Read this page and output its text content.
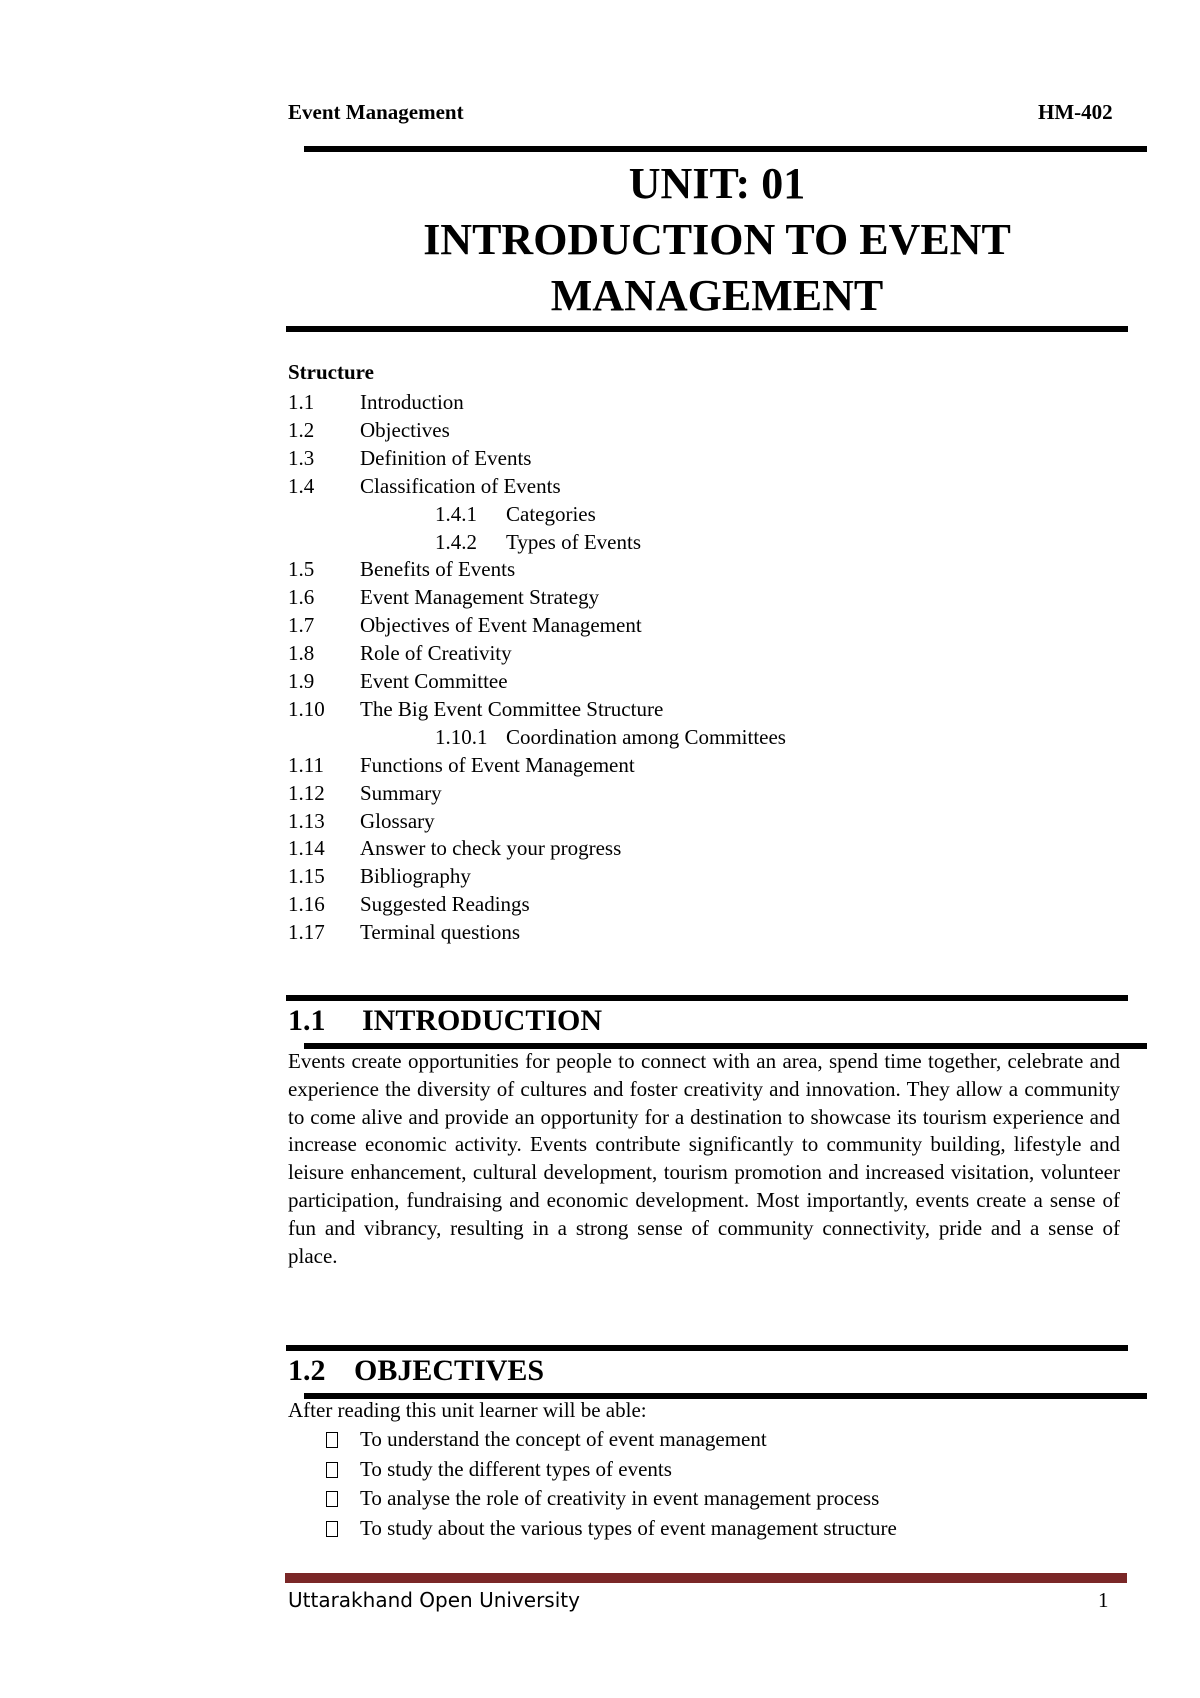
Event Management	HM-402
UNIT: 01
INTRODUCTION TO EVENT
MANAGEMENT
Structure
1.1 Introduction
1.2 Objectives
1.3 Definition of Events
1.4 Classification of Events
1.4.1 Categories
1.4.2 Types of Events
1.5 Benefits of Events
1.6 Event Management Strategy
1.7 Objectives of Event Management
1.8 Role of Creativity
1.9 Event Committee
1.10 The Big Event Committee Structure
1.10.1 Coordination among Committees
1.11 Functions of Event Management
1.12 Summary
1.13 Glossary
1.14 Answer to check your progress
1.15 Bibliography
1.16 Suggested Readings
1.17 Terminal questions
1.1 INTRODUCTION
Events create opportunities for people to connect with an area, spend time together, celebrate and experience the diversity of cultures and foster creativity and innovation. They allow a community to come alive and provide an opportunity for a destination to showcase its tourism experience and increase economic activity. Events contribute significantly to community building, lifestyle and leisure enhancement, cultural development, tourism promotion and increased visitation, volunteer participation, fundraising and economic development. Most importantly, events create a sense of fun and vibrancy, resulting in a strong sense of community connectivity, pride and a sense of place.
1.2 OBJECTIVES
After reading this unit learner will be able:
To understand the concept of event management
To study the different types of events
To analyse the role of creativity in event management process
To study about the various types of event management structure
Uttarakhand Open University	1
